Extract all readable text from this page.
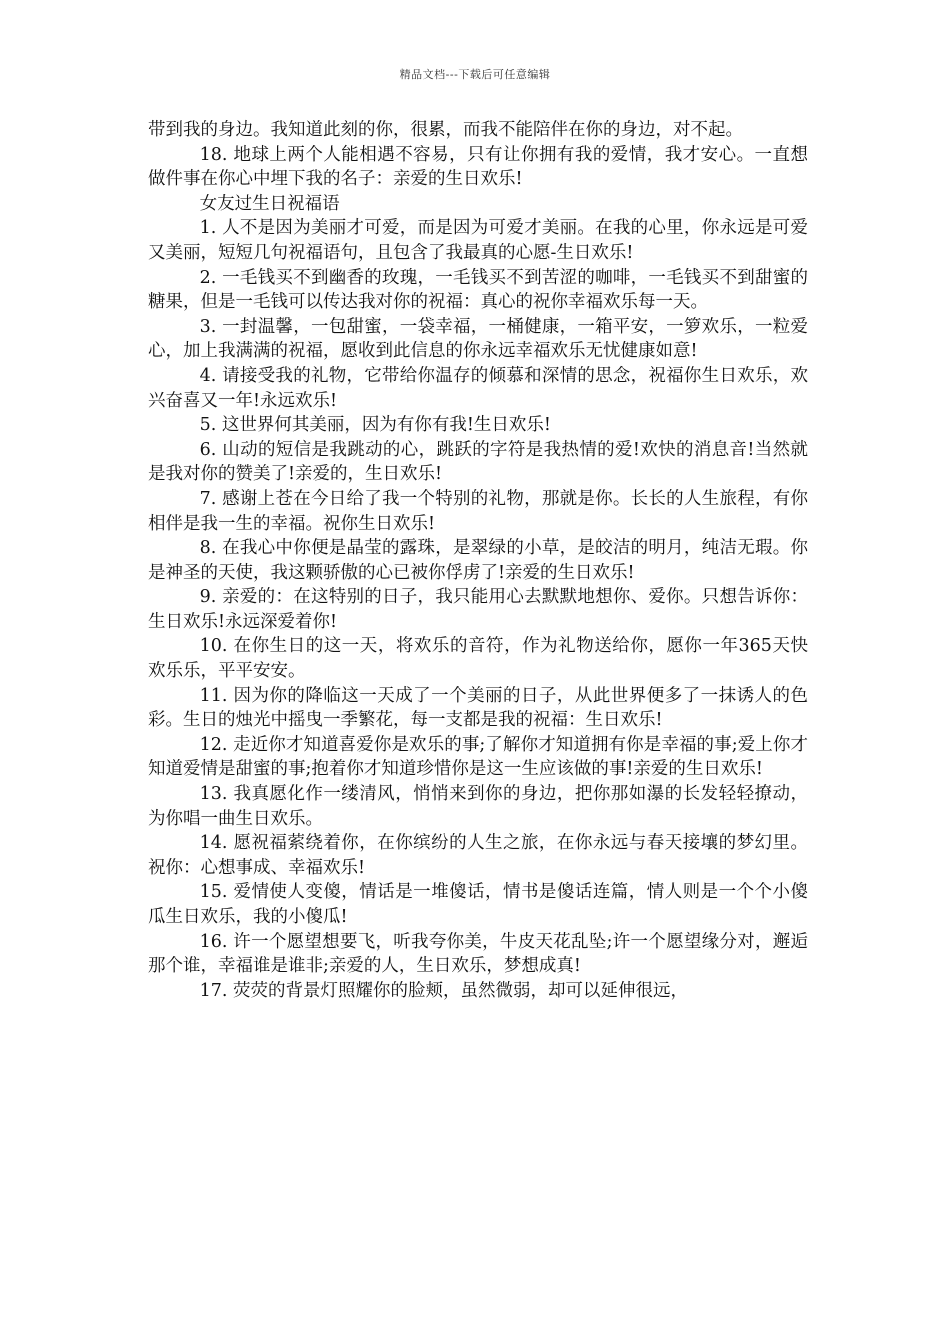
精品文档---下载后可任意编辑

带到我的身边。我知道此刻的你，很累，而我不能陪伴在你的身边，对不起。

18. 地球上两个人能相遇不容易，只有让你拥有我的爱情，我才安心。一直想做件事在你心中埋下我的名子：亲爱的生日欢乐!

女友过生日祝福语

1. 人不是因为美丽才可爱，而是因为可爱才美丽。在我的心里，你永远是可爱又美丽，短短几句祝福语句，且包含了我最真的心愿-生日欢乐!

2. 一毛钱买不到幽香的玫瑰，一毛钱买不到苦涩的咖啡，一毛钱买不到甜蜜的糖果，但是一毛钱可以传达我对你的祝福：真心的祝你幸福欢乐每一天。

3. 一封温馨，一包甜蜜，一袋幸福，一桶健康，一箱平安，一箩欢乐，一粒爱心，加上我满满的祝福，愿收到此信息的你永远幸福欢乐无忧健康如意!

4. 请接受我的礼物，它带给你温存的倾慕和深情的思念，祝福你生日欢乐，欢兴奋喜又一年!永远欢乐!

5. 这世界何其美丽，因为有你有我!生日欢乐!

6. 山动的短信是我跳动的心，跳跃的字符是我热情的爱!欢快的消息音!当然就是我对你的赞美了!亲爱的，生日欢乐!

7. 感谢上苍在今日给了我一个特别的礼物，那就是你。长长的人生旅程，有你相伴是我一生的幸福。祝你生日欢乐!

8. 在我心中你便是晶莹的露珠，是翠绿的小草，是皎洁的明月，纯洁无瑕。你是神圣的天使，我这颗骄傲的心已被你俘虏了!亲爱的生日欢乐!

9. 亲爱的：在这特别的日子，我只能用心去默默地想你、爱你。只想告诉你：生日欢乐!永远深爱着你!

10. 在你生日的这一天，将欢乐的音符，作为礼物送给你，愿你一年365天快欢乐乐，平平安安。

11. 因为你的降临这一天成了一个美丽的日子，从此世界便多了一抹诱人的色彩。生日的烛光中摇曳一季繁花，每一支都是我的祝福：生日欢乐!

12. 走近你才知道喜爱你是欢乐的事;了解你才知道拥有你是幸福的事;爱上你才知道爱情是甜蜜的事;抱着你才知道珍惜你是这一生应该做的事!亲爱的生日欢乐!

13. 我真愿化作一缕清风，悄悄来到你的身边，把你那如瀑的长发轻轻撩动，为你唱一曲生日欢乐。

14. 愿祝福萦绕着你，在你缤纷的人生之旅，在你永远与春天接壤的梦幻里。祝你：心想事成、幸福欢乐!

15. 爱情使人变傻，情话是一堆傻话，情书是傻话连篇，情人则是一个个小傻瓜生日欢乐，我的小傻瓜!

16. 许一个愿望想要飞，听我夸你美，牛皮天花乱坠;许一个愿望缘分对，邂逅那个谁，幸福谁是谁非;亲爱的人，生日欢乐，梦想成真!

17. 荧荧的背景灯照耀你的脸颊，虽然微弱，却可以延伸很远，
